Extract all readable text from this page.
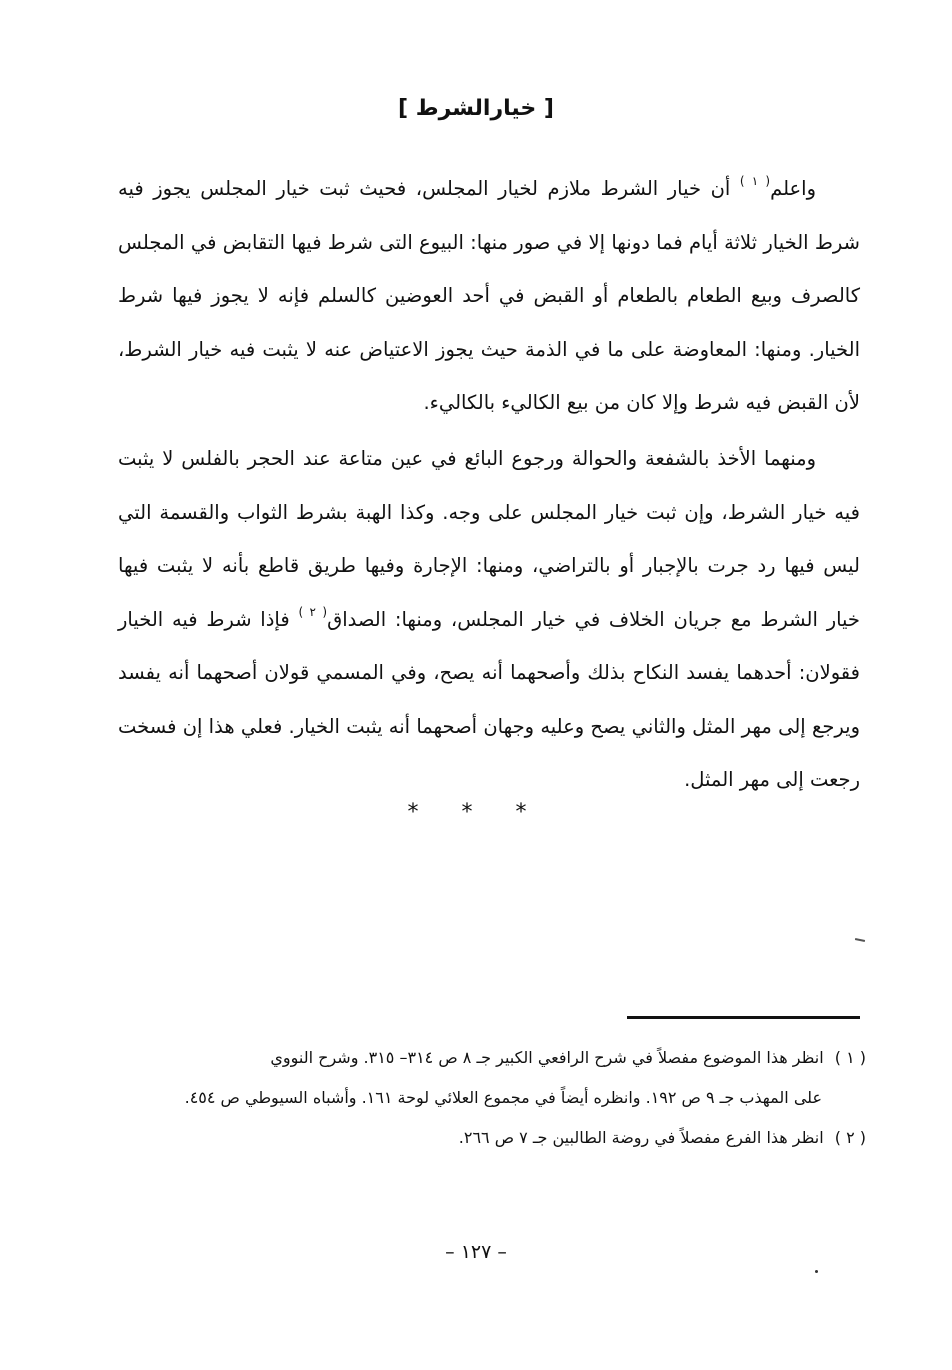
[ خيارالشرط ]

واعلم$^{( ١ )}$ أن خيار الشرط ملازم لخيار المجلس، فحيث ثبت خيار المجلس يجوز فيه شرط الخيار ثلاثة أيام فما دونها إلا في صور منها: البيوع التى شرط فيها التقابض في المجلس كالصرف وبيع الطعام بالطعام أو القبض في أحد العوضين كالسلم فإنه لا يجوز فيها شرط الخيار. ومنها: المعاوضة على ما في الذمة حيث يجوز الاعتياض عنه لا يثبت فيه خيار الشرط، لأن القبض فيه شرط وإلا كان من بيع الكاليء بالكاليء.

ومنهما الأخذ بالشفعة والحوالة ورجوع البائع في عين متاعة عند الحجر بالفلس لا يثبت فيه خيار الشرط، وإن ثبت خيار المجلس على وجه. وكذا الهبة بشرط الثواب والقسمة التي ليس فيها رد جرت بالإجبار أو بالتراضي، ومنها: الإجارة وفيها طريق قاطع بأنه لا يثبت فيها خيار الشرط مع جريان الخلاف في خيار المجلس، ومنها: الصداق$^{( ٢ )}$ فإذا شرط فيه الخيار فقولان: أحدهما يفسد النكاح بذلك وأصحهما أنه يصح، وفي المسمي قولان أصحهما أنه يفسد ويرجع إلى مهر المثل والثاني يصح وعليه وجهان أصحهما أنه يثبت الخيار. فعلي هذا إن فسخت رجعت إلى مهر المثل.

* * *

( ١ ) انظر هذا الموضوع مفصلاً في شرح الرافعي الكبير جـ ٨ ص ٣١٤– ٣١٥. وشرح النووي

على المهذب جـ ٩ ص ١٩٢. وانظره أيضاً في مجموع العلائي لوحة ١٦١. وأشباه السيوطي ص ٤٥٤.

( ٢ ) انظر هذا الفرع مفصلاً في روضة الطالبين جـ ٧ ص ٢٦٦.

– ١٢٧ –
